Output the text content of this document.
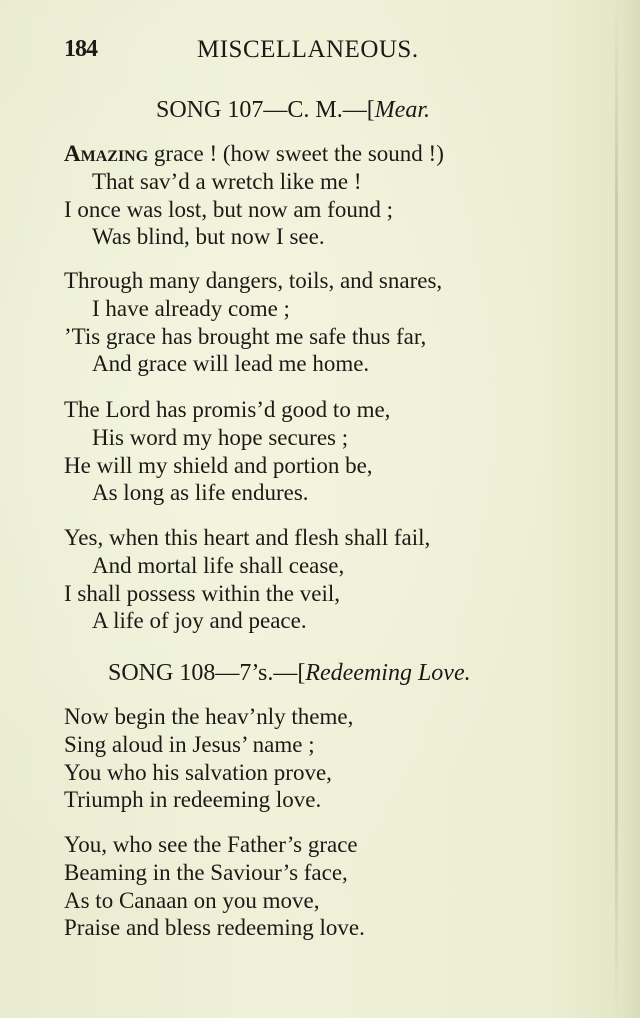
184	MISCELLANEOUS.
SONG 107—C. M.—[Mear.
Amazing grace ! (how sweet the sound !)
That sav’d a wretch like me !
I once was lost, but now am found ;
Was blind, but now I see.
Through many dangers, toils, and snares,
I have already come ;
’Tis grace has brought me safe thus far,
And grace will lead me home.
The Lord has promis’d good to me,
His word my hope secures ;
He will my shield and portion be,
As long as life endures.
Yes, when this heart and flesh shall fail,
And mortal life shall cease,
I shall possess within the veil,
A life of joy and peace.
SONG 108—7’s.—[Redeeming Love.
Now begin the heav’nly theme,
Sing aloud in Jesus’ name ;
You who his salvation prove,
Triumph in redeeming love.
You, who see the Father’s grace
Beaming in the Saviour’s face,
As to Canaan on you move,
Praise and bless redeeming love.
